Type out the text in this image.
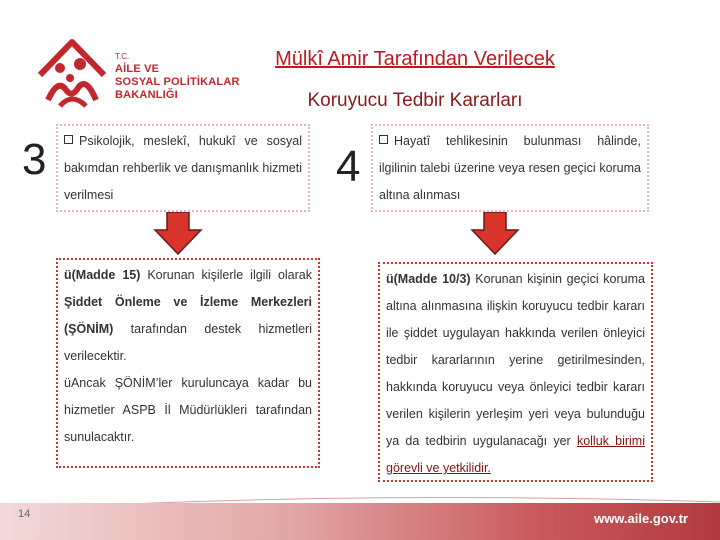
T.C.
AİLE VE
SOSYAL POLİTİKALAR
BAKANLIĞI
Mülkî Amir Tarafından Verilecek
Koruyucu Tedbir Kararları
3	Psikolojik, meslekî, hukukî ve sosyal bakımdan rehberlik ve danışmanlık hizmeti verilmesi

ü(Madde 15) Korunan kişilerle ilgili olarak Şiddet Önleme ve İzleme Merkezleri (ŞÖNİM) tarafından destek hizmetleri verilecektir.

üAncak ŞÖNİM’ler kuruluncaya kadar bu hizmetler ASPB İl Müdürlükleri tarafından sunulacaktır.

4

Hayatî tehlikesinin bulunması hâlinde, ilgilinin talebi üzerine veya resen geçici koruma altına alınması

ü(Madde 10/3) Korunan kişinin geçici koruma altına alınmasına ilişkin koruyucu tedbir kararı ile şiddet uygulayan hakkında verilen önleyici tedbir kararlarının yerine getirilmesinden, hakkında koruyucu veya önleyici tedbir kararı verilen kişilerin yerleşim yeri veya bulunduğu ya da tedbirin uygulanacağı yer kolluk birimi görevli ve yetkilidir.

14	www.aile.gov.tr
